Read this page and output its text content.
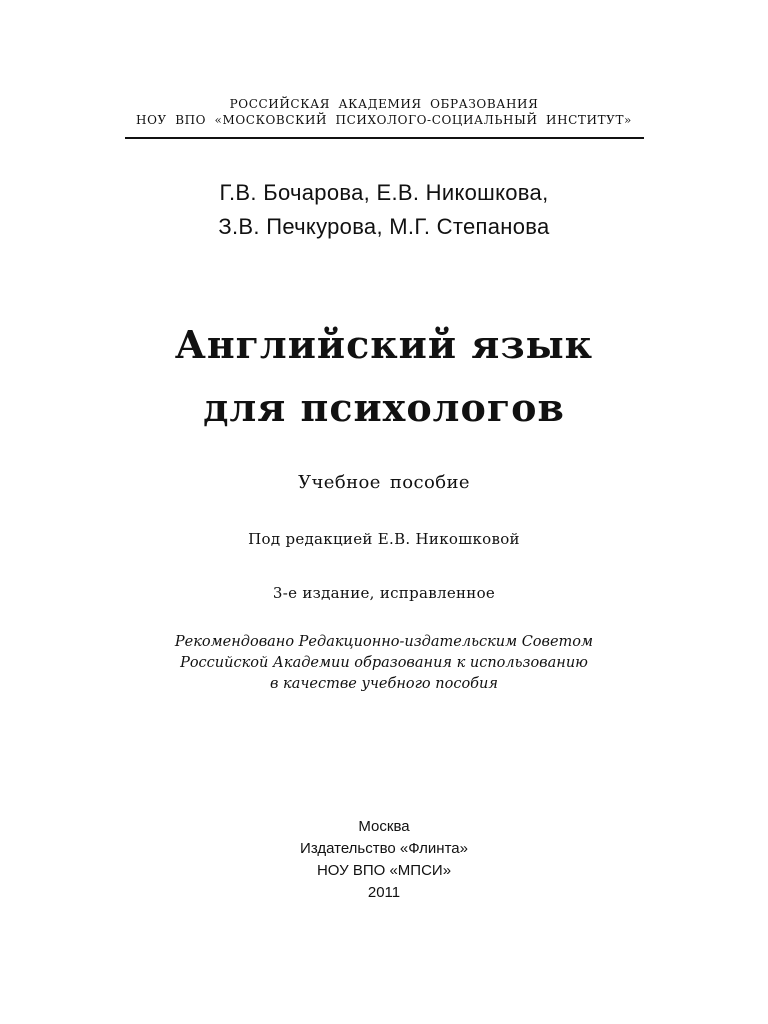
РОССИЙСКАЯ АКАДЕМИЯ ОБРАЗОВАНИЯ
НОУ ВПО «МОСКОВСКИЙ ПСИХОЛОГО-СОЦИАЛЬНЫЙ ИНСТИТУТ»
Г.В. Бочарова, Е.В. Никошкова,
З.В. Печкурова, М.Г. Степанова
Английский язык
для психологов
Учебное пособие
Под редакцией Е.В. Никошковой
3-е издание, исправленное
Рекомендовано Редакционно-издательским Советом
Российской Академии образования к использованию
в качестве учебного пособия
Москва
Издательство «Флинта»
НОУ ВПО «МПСИ»
2011
